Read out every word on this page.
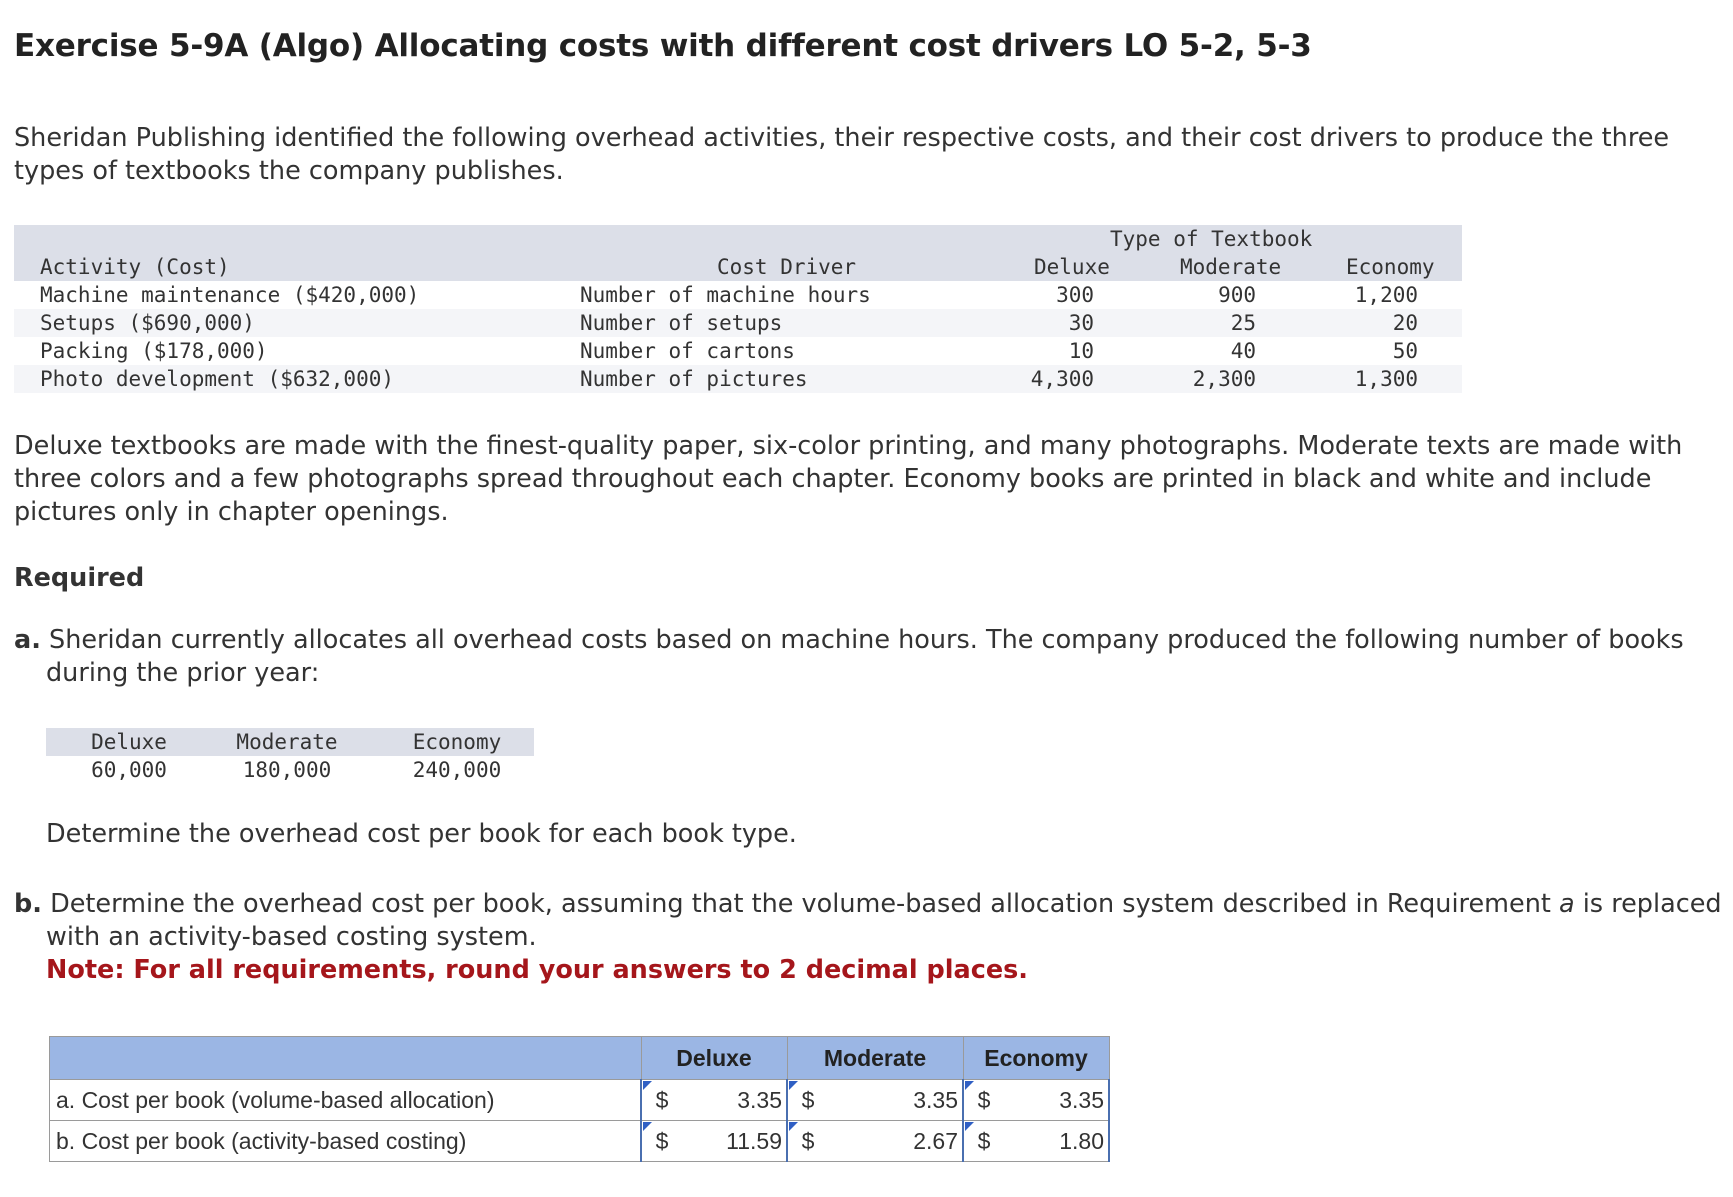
Exercise 5-9A (Algo) Allocating costs with different cost drivers LO 5-2, 5-3

Sheridan Publishing identified the following overhead activities, their respective costs, and their cost drivers to produce the three types of textbooks the company publishes.

Type of Textbook
Activity (Cost)	Cost Driver	Deluxe	Moderate	Economy
Machine maintenance ($420,000)	Number of machine hours	300	900	1,200
Setups ($690,000)	Number of setups	30	25	20
Packing ($178,000)	Number of cartons	10	40	50
Photo development ($632,000)	Number of pictures	4,300	2,300	1,300

Deluxe textbooks are made with the finest-quality paper, six-color printing, and many photographs. Moderate texts are made with three colors and a few photographs spread throughout each chapter. Economy books are printed in black and white and include pictures only in chapter openings.

Required

a. Sheridan currently allocates all overhead costs based on machine hours. The company produced the following number of books during the prior year:

Deluxe	Moderate	Economy
60,000	180,000	240,000

Determine the overhead cost per book for each book type.

b. Determine the overhead cost per book, assuming that the volume-based allocation system described in Requirement a is replaced with an activity-based costing system.
Note: For all requirements, round your answers to 2 decimal places.

	Deluxe		Moderate		Economy	
a. Cost per book (volume-based allocation)	$	3.35	$	3.35	$	3.35
b. Cost per book (activity-based costing)	$	11.59	$	2.67	$	1.80
